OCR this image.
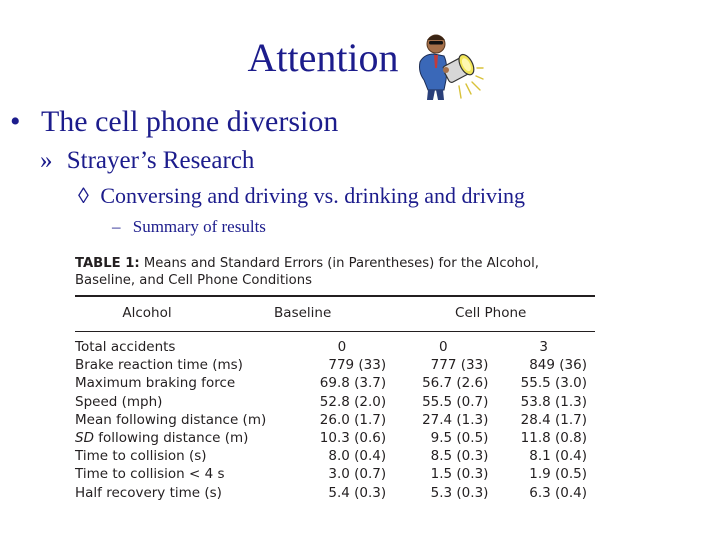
Attention
• The cell phone diversion
» Strayer’s Research
◊ Conversing and driving vs. drinking and driving
– Summary of results
TABLE 1: Means and Standard Errors (in Parentheses) for the Alcohol, Baseline, and Cell Phone Conditions
	Alcohol	Baseline	Cell Phone
Total accidents	0	0	3
Brake reaction time (ms)	779 (33)	777 (33)	849 (36)
Maximum braking force	69.8 (3.7)	56.7 (2.6)	55.5 (3.0)
Speed (mph)	52.8 (2.0)	55.5 (0.7)	53.8 (1.3)
Mean following distance (m)	26.0 (1.7)	27.4 (1.3)	28.4 (1.7)
SD following distance (m)	10.3 (0.6)	9.5 (0.5)	11.8 (0.8)
Time to collision (s)	8.0 (0.4)	8.5 (0.3)	8.1 (0.4)
Time to collision < 4 s	3.0 (0.7)	1.5 (0.3)	1.9 (0.5)
Half recovery time (s)	5.4 (0.3)	5.3 (0.3)	6.3 (0.4)
